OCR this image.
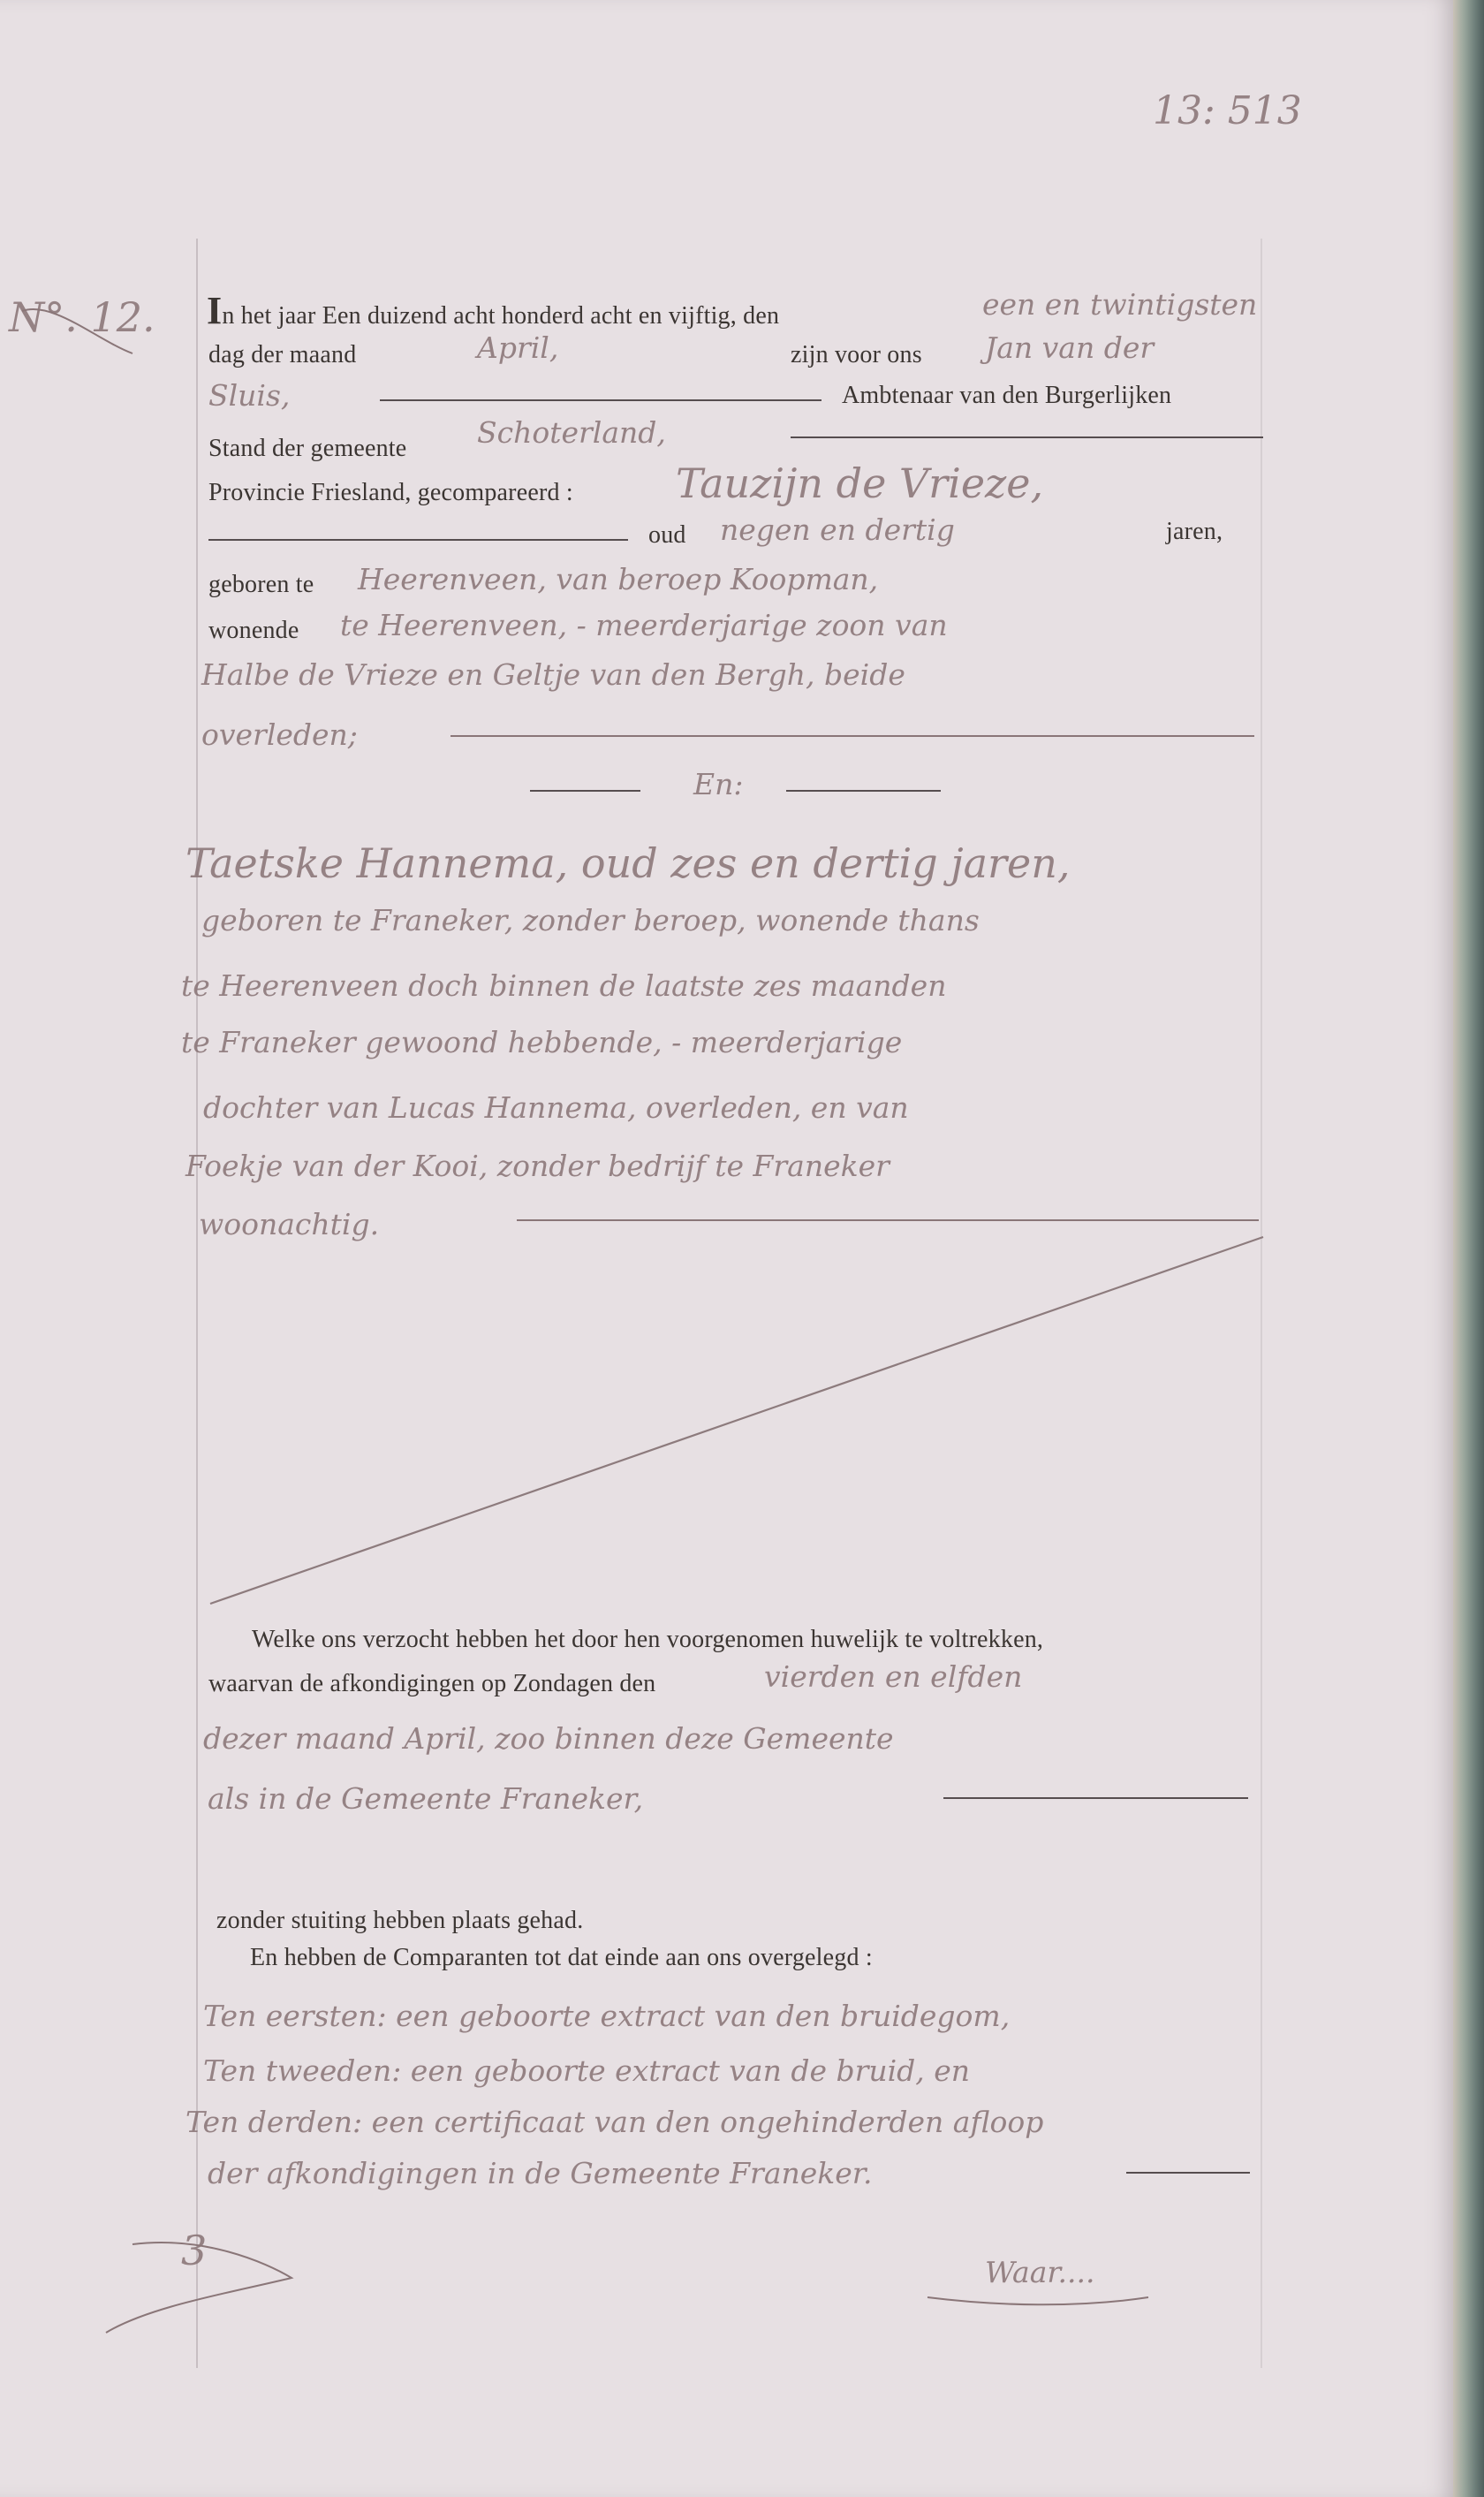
13: 513
N°. 12. In het jaar Een duizend acht honderd acht en vijftig, den	een en twintigsten
dag der maand	April,	zijn voor ons Jan van der
Sluis,	Ambtenaar van den Burgerlijken
Stand der gemeente Schoterland,
Provincie Friesland, gecompareerd :	Tauzijn de Vrieze,
oud negen en dertig	jaren,
geboren te Heerenveen, van beroep Koopman,
wonende te Heerenveen, - meerderjarige zoon van
Halbe de Vrieze en Geltje van den Bergh, beide
overleden;
En:
Taetske Hannema, oud zes en dertig jaren,
geboren te Franeker, zonder beroep, wonende thans
te Heerenveen doch binnen de laatste zes maanden
te Franeker gewoond hebbende, - meerderjarige
dochter van Lucas Hannema, overleden, en van
Foekje van der Kooi, zonder bedrijf te Franeker
woonachtig.
Welke ons verzocht hebben het door hen voorgenomen huwelijk te voltrekken,
waarvan de afkondigingen op Zondagen den	vierden en elfden
dezer maand April, zoo binnen deze Gemeente
als in de Gemeente Franeker,
zonder stuiting hebben plaats gehad.
En hebben de Comparanten tot dat einde aan ons overgelegd :
Ten eersten: een geboorte extract van den bruidegom,
Ten tweeden: een geboorte extract van de bruid, en
Ten derden: een certificaat van den ongehinderden afloop
der afkondigingen in de Gemeente Franeker.
3	Waar....
